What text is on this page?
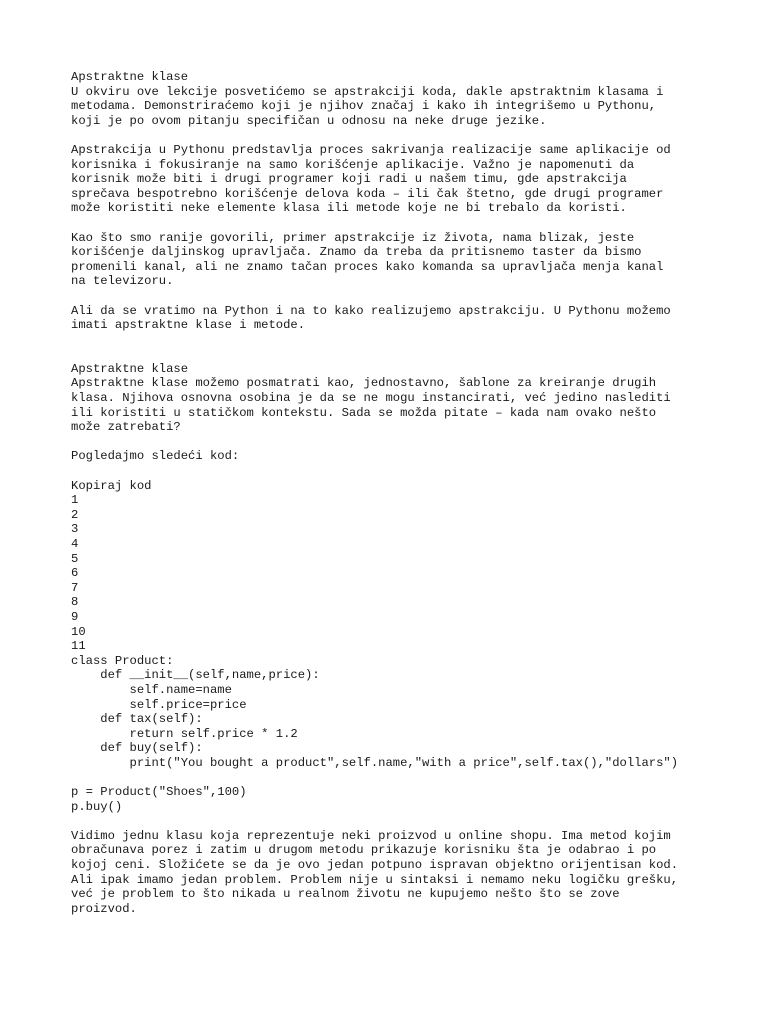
Apstraktne klase
U okviru ove lekcije posvetićemo se apstrakciji koda, dakle apstraktnim klasama i
metodama. Demonstriraćemo koji je njihov značaj i kako ih integrišemo u Pythonu,
koji je po ovom pitanju specifičan u odnosu na neke druge jezike.
Apstrakcija u Pythonu predstavlja proces sakrivanja realizacije same aplikacije od
korisnika i fokusiranje na samo korišćenje aplikacije. Važno je napomenuti da
korisnik može biti i drugi programer koji radi u našem timu, gde apstrakcija
sprečava bespotrebno korišćenje delova koda – ili čak štetno, gde drugi programer
može koristiti neke elemente klasa ili metode koje ne bi trebalo da koristi.
Kao što smo ranije govorili, primer apstrakcije iz života, nama blizak, jeste
korišćenje daljinskog upravljača. Znamo da treba da pritisnemo taster da bismo
promenili kanal, ali ne znamo tačan proces kako komanda sa upravljača menja kanal
na televizoru.
Ali da se vratimo na Python i na to kako realizujemo apstrakciju. U Pythonu možemo
imati apstraktne klase i metode.
Apstraktne klase
Apstraktne klase možemo posmatrati kao, jednostavno, šablone za kreiranje drugih
klasa. Njihova osnovna osobina je da se ne mogu instancirati, već jedino naslediti
ili koristiti u statičkom kontekstu. Sada se možda pitate – kada nam ovako nešto
može zatrebati?
Pogledajmo sledeći kod:
Kopiraj kod
1
2
3
4
5
6
7
8
9
10
11
class Product:
def __init__(self,name,price):
self.name=name
self.price=price
def tax(self):
return self.price * 1.2
def buy(self):
print("You bought a product",self.name,"with a price",self.tax(),"dollars")
p = Product("Shoes",100)
p.buy()
Vidimo jednu klasu koja reprezentuje neki proizvod u online shopu. Ima metod kojim
obračunava porez i zatim u drugom metodu prikazuje korisniku šta je odabrao i po
kojoj ceni. Složićete se da je ovo jedan potpuno ispravan objektno orijentisan kod.
Ali ipak imamo jedan problem. Problem nije u sintaksi i nemamo neku logičku grešku,
već je problem to što nikada u realnom životu ne kupujemo nešto što se zove
proizvod.
